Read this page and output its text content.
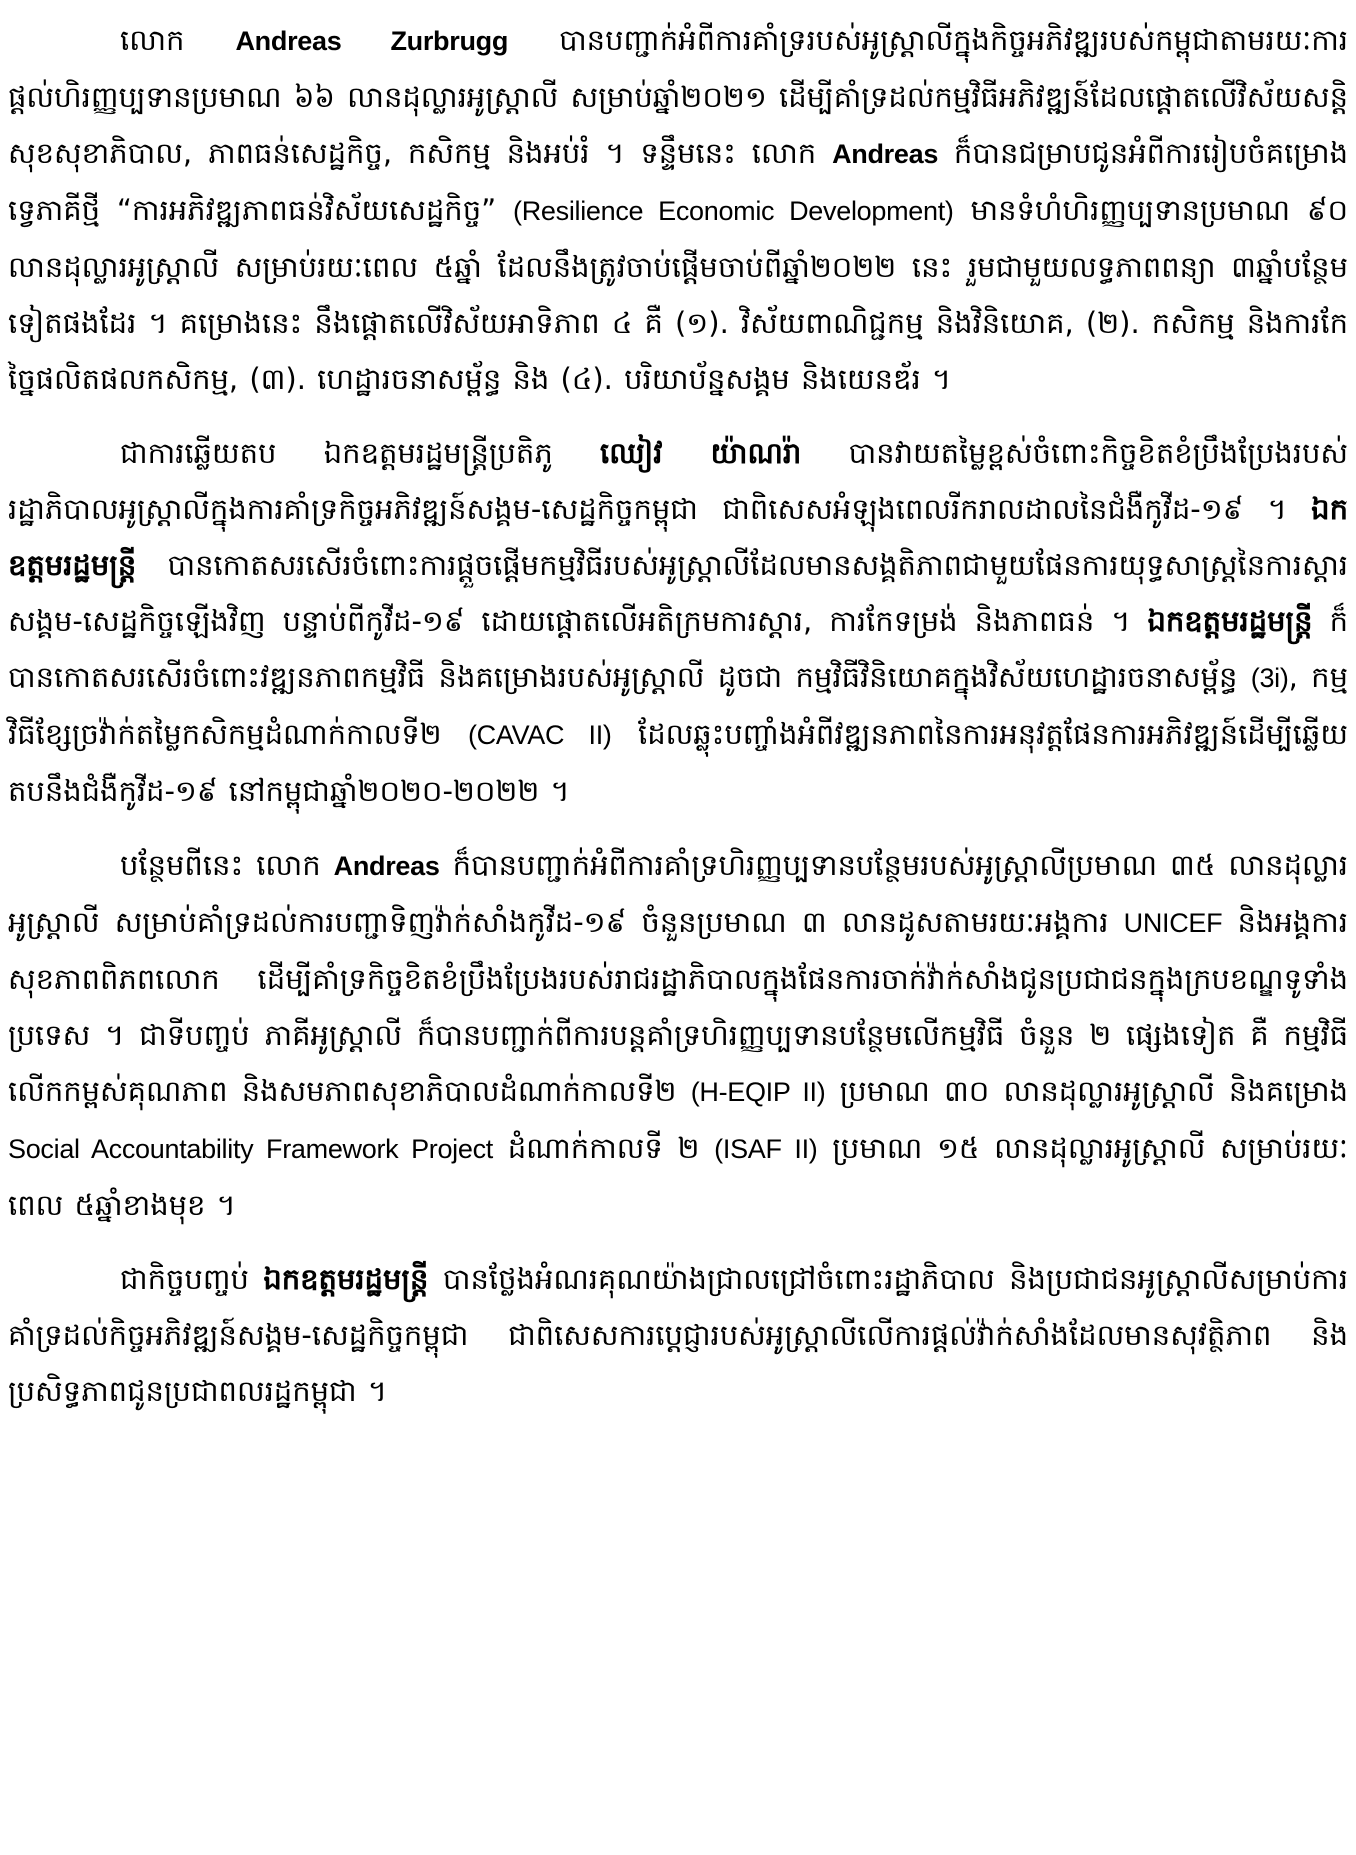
លោក Andreas Zurbrugg បានបញ្ជាក់អំពីការគាំទ្ររបស់អូស្ត្រាលីក្នុងកិច្ចអភិវឌ្ឍរបស់កម្ពុជាតាមរយៈការផ្តល់ហិរញ្ញប្បទានប្រមាណ ៦៦ លានដុល្លារអូស្ត្រាលី សម្រាប់ឆ្នាំ២០២១ ដើម្បីគាំទ្រដល់កម្មវិធីអភិវឌ្ឍន៍ដែលផ្តោតលើវិស័យសន្តិសុខសុខាភិបាល, ភាពធន់សេដ្ឋកិច្ច, កសិកម្ម និងអប់រំ ។ ទន្ទឹមនេះ លោក Andreas ក៏បានជម្រាបជូនអំពីការរៀបចំគម្រោងទ្វេភាគីថ្មី “ការអភិវឌ្ឍភាពធន់វិស័យសេដ្ឋកិច្ច” (Resilience Economic Development) មានទំហំហិរញ្ញប្បទានប្រមាណ ៩០ លានដុល្លារអូស្ត្រាលី សម្រាប់រយៈពេល ៥ឆ្នាំ ដែលនឹងត្រូវចាប់ផ្តើមចាប់ពីឆ្នាំ២០២២ នេះ រួមជាមួយលទ្ធភាពពន្យា ៣ឆ្នាំបន្ថែមទៀតផងដែរ ។ គម្រោងនេះ នឹងផ្តោតលើវិស័យអាទិភាព ៤ គឺ (១). វិស័យពាណិជ្ជកម្ម និងវិនិយោគ, (២). កសិកម្ម និងការកែច្នៃផលិតផលកសិកម្ម, (៣). ហេដ្ឋារចនាសម្ព័ន្ធ និង (៤). បរិយាប័ន្នសង្គម និងយេនឌ័រ ។

ជាការឆ្លើយតប ឯកឧត្តមរដ្ឋមន្ត្រីប្រតិភូ ឈៀវ យ៉ាណរ៉ា បានវាយតម្លៃខ្ពស់ចំពោះកិច្ចខិតខំប្រឹងប្រែងរបស់រដ្ឋាភិបាលអូស្ត្រាលីក្នុងការគាំទ្រកិច្ចអភិវឌ្ឍន៍សង្គម-សេដ្ឋកិច្ចកម្ពុជា ជាពិសេសអំឡុងពេលរីករាលដាលនៃជំងឺកូវីដ-១៩ ។ ឯកឧត្តមរដ្ឋមន្ត្រី បានកោតសរសើរចំពោះការផ្តួចផ្តើមកម្មវិធីរបស់អូស្ត្រាលីដែលមានសង្គតិភាពជាមួយផែនការយុទ្ធសាស្ត្រនៃការស្តារសង្គម-សេដ្ឋកិច្ចឡើងវិញ បន្ទាប់ពីកូវីដ-១៩ ដោយផ្តោតលើអតិក្រមការស្តារ, ការកែទម្រង់ និងភាពធន់ ។ ឯកឧត្តមរដ្ឋមន្ត្រី ក៏បានកោតសរសើរចំពោះវឌ្ឍនភាពកម្មវិធី និងគម្រោងរបស់អូស្ត្រាលី ដូចជា កម្មវិធីវិនិយោគក្នុងវិស័យហេដ្ឋារចនាសម្ព័ន្ធ (3i), កម្មវិធីខ្សែច្រវ៉ាក់តម្លៃកសិកម្មដំណាក់កាលទី២ (CAVAC II) ដែលឆ្លុះបញ្ចាំងអំពីវឌ្ឍនភាពនៃការអនុវត្តផែនការអភិវឌ្ឍន៍ដើម្បីឆ្លើយតបនឹងជំងឺកូវីដ-១៩ នៅកម្ពុជាឆ្នាំ២០២០-២០២២ ។

បន្ថែមពីនេះ លោក Andreas ក៏បានបញ្ជាក់អំពីការគាំទ្រហិរញ្ញប្បទានបន្ថែមរបស់អូស្ត្រាលីប្រមាណ ៣៥ លានដុល្លារអូស្ត្រាលី សម្រាប់គាំទ្រដល់ការបញ្ជាទិញវ៉ាក់សាំងកូវីដ-១៩ ចំនួនប្រមាណ ៣ លានដូសតាមរយៈអង្គការ UNICEF និងអង្គការសុខភាពពិភពលោក ដើម្បីគាំទ្រកិច្ចខិតខំប្រឹងប្រែងរបស់រាជរដ្ឋាភិបាលក្នុងផែនការចាក់វ៉ាក់សាំងជូនប្រជាជនក្នុងក្របខណ្ឌទូទាំងប្រទេស ។ ជាទីបញ្ចប់ ភាគីអូស្ត្រាលី ក៏បានបញ្ជាក់ពីការបន្តគាំទ្រហិរញ្ញប្បទានបន្ថែមលើកម្មវិធី ចំនួន ២ ផ្សេងទៀត គឺ កម្មវិធីលើកកម្ពស់គុណភាព និងសមភាពសុខាភិបាលដំណាក់កាលទី២ (H-EQIP II) ប្រមាណ ៣០ លានដុល្លារអូស្ត្រាលី និងគម្រោង Social Accountability Framework Project ដំណាក់កាលទី ២ (ISAF II) ប្រមាណ ១៥ លានដុល្លារអូស្ត្រាលី សម្រាប់រយៈពេល ៥ឆ្នាំខាងមុខ ។

ជាកិច្ចបញ្ចប់ ឯកឧត្តមរដ្ឋមន្ត្រី បានថ្លែងអំណរគុណយ៉ាងជ្រាលជ្រៅចំពោះរដ្ឋាភិបាល និងប្រជាជនអូស្ត្រាលីសម្រាប់ការគាំទ្រដល់កិច្ចអភិវឌ្ឍន៍សង្គម-សេដ្ឋកិច្ចកម្ពុជា ជាពិសេសការប្តេជ្ញារបស់អូស្ត្រាលីលើការផ្តល់វ៉ាក់សាំងដែលមានសុវត្ថិភាព និងប្រសិទ្ធភាពជូនប្រជាពលរដ្ឋកម្ពុជា ។
